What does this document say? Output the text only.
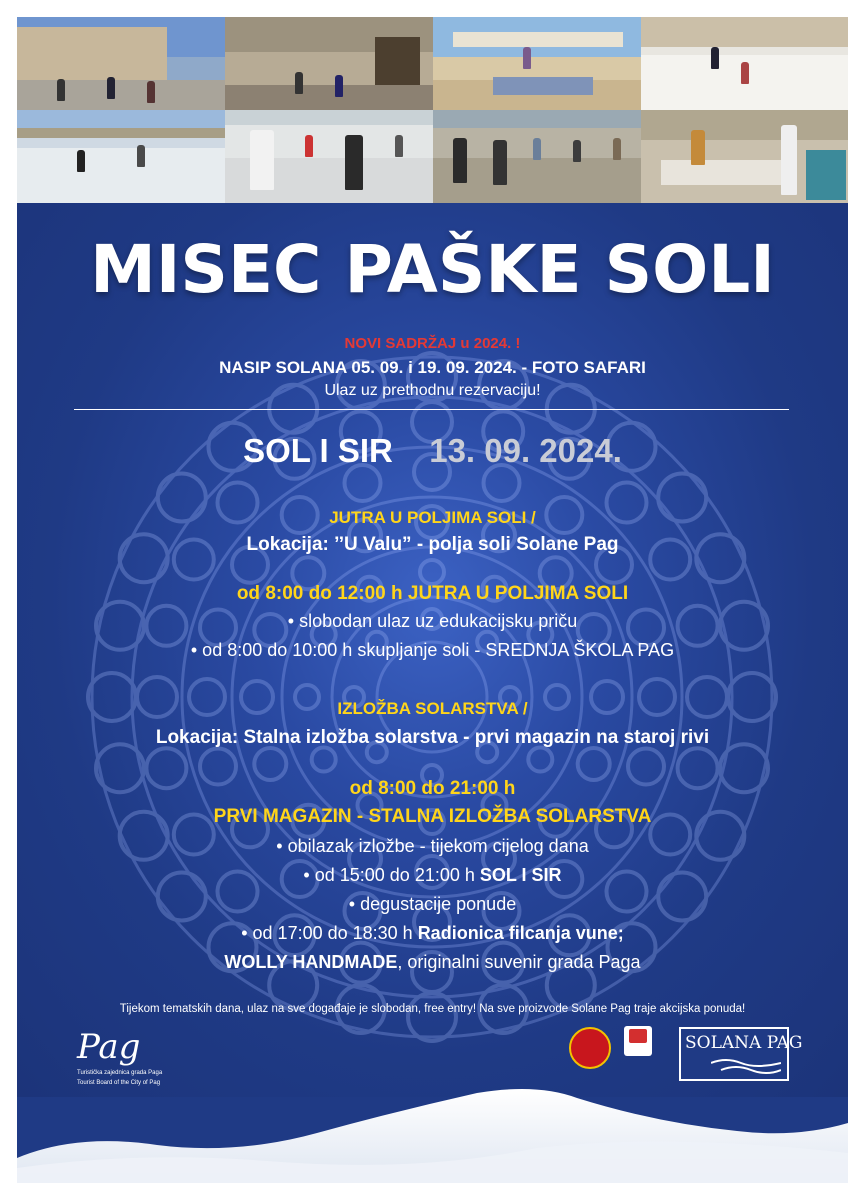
MISEC PAŠKE SOLI
NOVI SADRŽAJ u 2024. !
NASIP SOLANA 05. 09. i 19. 09. 2024. - FOTO SAFARI
Ulaz uz prethodnu rezervaciju!
SOL I SIR 13. 09. 2024.
JUTRA U POLJIMA SOLI /
Lokacija: ’’U Valu” - polja soli Solane Pag
od 8:00 do 12:00 h JUTRA U POLJIMA SOLI
• slobodan ulaz uz edukacijsku priču
• od 8:00 do 10:00 h skupljanje soli - SREDNJA ŠKOLA PAG
IZLOŽBA SOLARSTVA /
Lokacija: Stalna izložba solarstva - prvi magazin na staroj rivi
od 8:00 do 21:00 h
PRVI MAGAZIN - STALNA IZLOŽBA SOLARSTVA
• obilazak izložbe - tijekom cijelog dana
• od 15:00 do 21:00 h SOL I SIR
• degustacije ponude
• od 17:00 do 18:30 h Radionica filcanja vune;
WOLLY HANDMADE, originalni suvenir grada Paga
Tijekom tematskih dana, ulaz na sve događaje je slobodan, free entry! Na sve proizvode Solane Pag traje akcijska ponuda!
Pag
Turistička zajednica grada Paga
Tourist Board of the City of Pag
SOLANA PAG
